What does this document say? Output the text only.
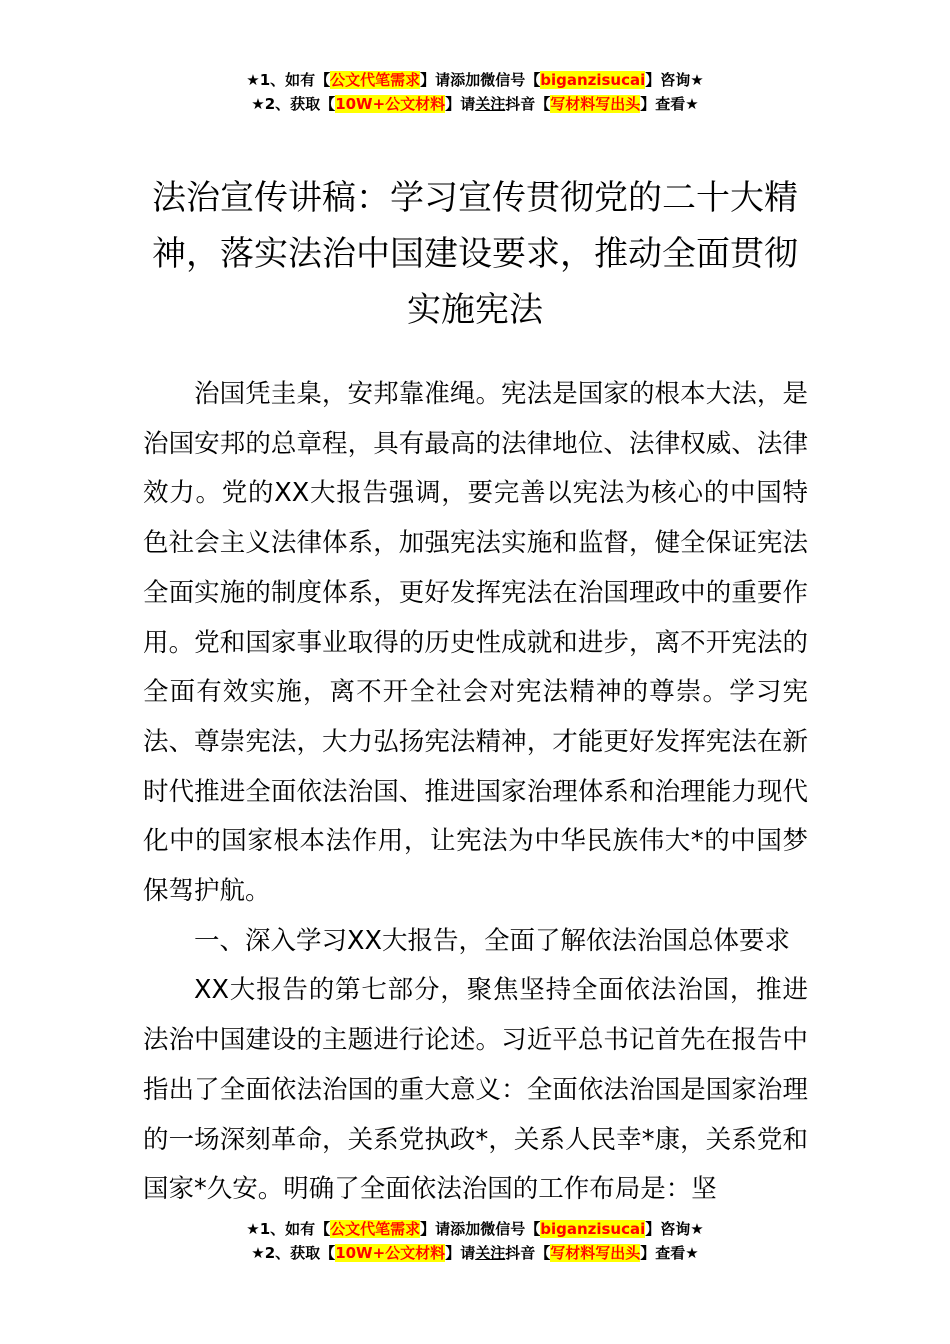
★1、如有【公文代笔需求】请添加微信号【biganzisucai】咨询★
★2、获取【10W+公文材料】请关注抖音【写材料写出头】查看★
法治宣传讲稿：学习宣传贯彻党的二十大精神，落实法治中国建设要求，推动全面贯彻实施宪法

治国凭圭臬，安邦靠准绳。宪法是国家的根本大法，是治国安邦的总章程，具有最高的法律地位、法律权威、法律效力。党的XX大报告强调，要完善以宪法为核心的中国特色社会主义法律体系，加强宪法实施和监督，健全保证宪法全面实施的制度体系，更好发挥宪法在治国理政中的重要作用。党和国家事业取得的历史性成就和进步，离不开宪法的全面有效实施，离不开全社会对宪法精神的尊崇。学习宪法、尊崇宪法，大力弘扬宪法精神，才能更好发挥宪法在新时代推进全面依法治国、推进国家治理体系和治理能力现代化中的国家根本法作用，让宪法为中华民族伟大*的中国梦保驾护航。

一、深入学习XX大报告，全面了解依法治国总体要求

XX大报告的第七部分，聚焦坚持全面依法治国，推进法治中国建设的主题进行论述。习近平总书记首先在报告中指出了全面依法治国的重大意义：全面依法治国是国家治理的一场深刻革命，关系党执政*，关系人民幸*康，关系党和国家*久安。明确了全面依法治国的工作布局是：坚

★1、如有【公文代笔需求】请添加微信号【biganzisucai】咨询★
★2、获取【10W+公文材料】请关注抖音【写材料写出头】查看★
